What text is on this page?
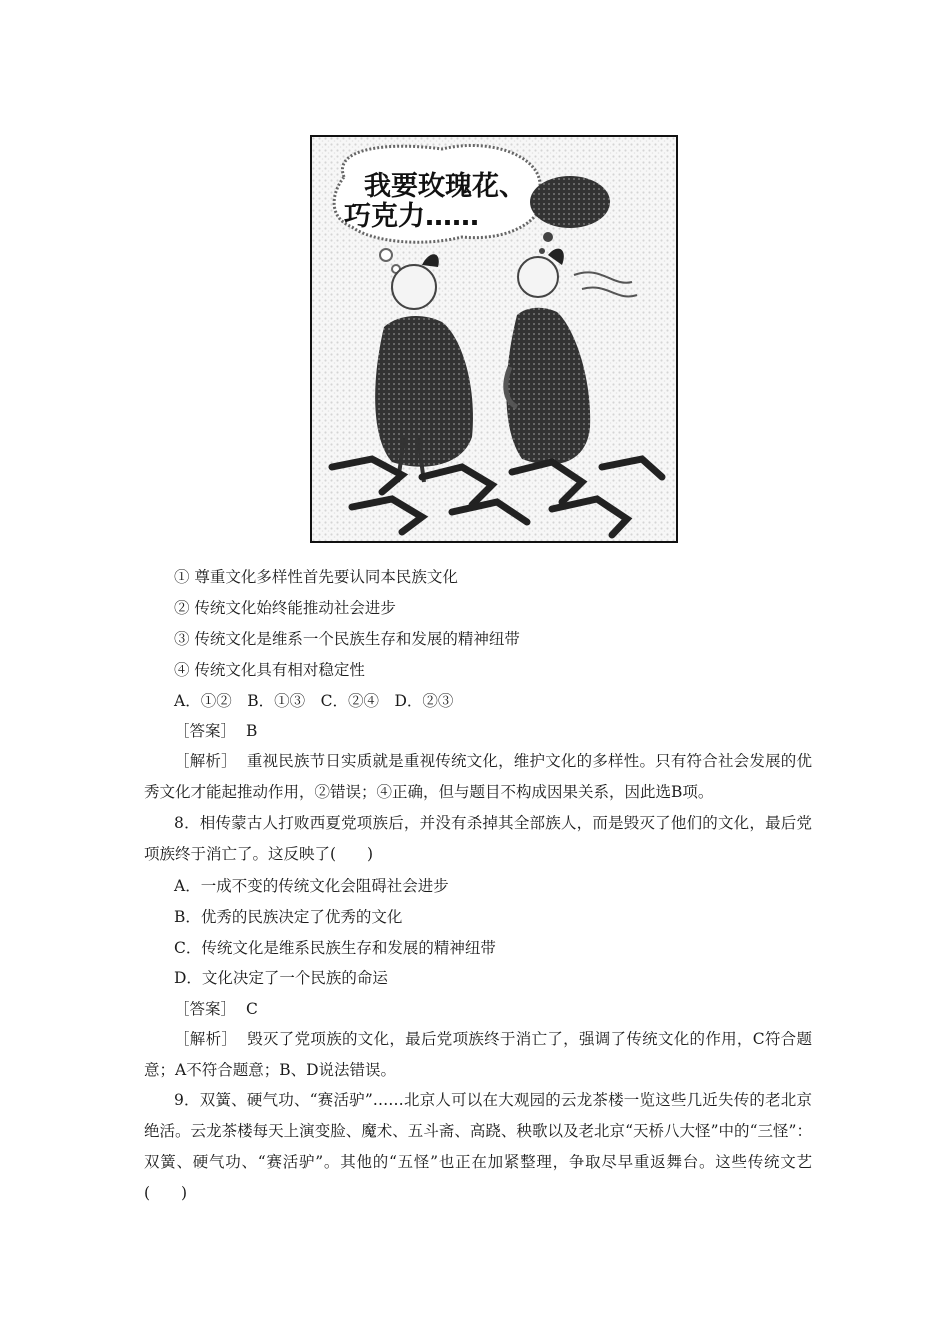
我要玫瑰花、
巧克力……
① 尊重文化多样性首先要认同本民族文化
② 传统文化始终能推动社会进步
③ 传统文化是维系一个民族生存和发展的精神纽带
④ 传统文化具有相对稳定性
A．①②　B．①③　C．②④　D．②③
［答案］ B
［解析］ 重视民族节日实质就是重视传统文化，维护文化的多样性。只有符合社会发展的优秀文化才能起推动作用，②错误；④正确，但与题目不构成因果关系，因此选B项。
8．相传蒙古人打败西夏党项族后，并没有杀掉其全部族人，而是毁灭了他们的文化，最后党项族终于消亡了。这反映了(　　)
A．一成不变的传统文化会阻碍社会进步
B．优秀的民族决定了优秀的文化
C．传统文化是维系民族生存和发展的精神纽带
D．文化决定了一个民族的命运
［答案］ C
［解析］ 毁灭了党项族的文化，最后党项族终于消亡了，强调了传统文化的作用，C符合题意；A不符合题意；B、D说法错误。
9．双簧、硬气功、“赛活驴”……北京人可以在大观园的云龙茶楼一览这些几近失传的老北京绝活。云龙茶楼每天上演变脸、魔术、五斗斋、高跷、秧歌以及老北京“天桥八大怪”中的“三怪”：双簧、硬气功、“赛活驴”。其他的“五怪”也正在加紧整理，争取尽早重返舞台。这些传统文艺(　　)
